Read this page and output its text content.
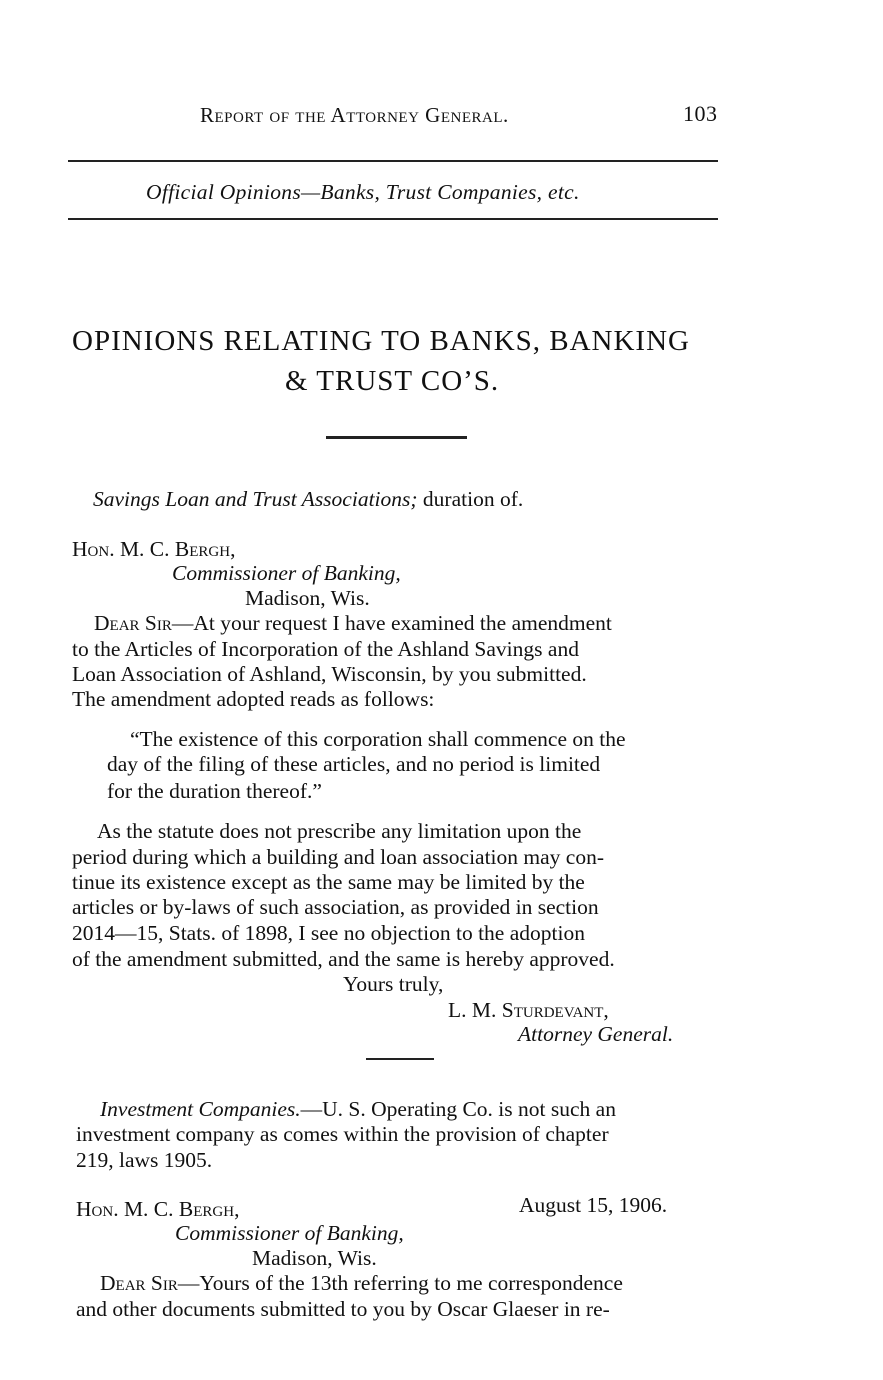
Report of the Attorney General.	103
Official Opinions—Banks, Trust Companies, etc.
OPINIONS RELATING TO BANKS, BANKING
& TRUST CO’S.
Savings Loan and Trust Associations; duration of.
Hon. M. C. Bergh,
Commissioner of Banking,
Madison, Wis.
Dear Sir—At your request I have examined the amendment
to the Articles of Incorporation of the Ashland Savings and
Loan Association of Ashland, Wisconsin, by you submitted.
The amendment adopted reads as follows:
“The existence of this corporation shall commence on the
day of the filing of these articles, and no period is limited
for the duration thereof.”
As the statute does not prescribe any limitation upon the
period during which a building and loan association may con-
tinue its existence except as the same may be limited by the
articles or by-laws of such association, as provided in section
2014—15, Stats. of 1898, I see no objection to the adoption
of the amendment submitted, and the same is hereby approved.
Yours truly,
L. M. Sturdevant,
Attorney General.
Investment Companies.—U. S. Operating Co. is not such an
investment company as comes within the provision of chapter
219, laws 1905.
Hon. M. C. Bergh,	August 15, 1906.
Commissioner of Banking,
Madison, Wis.
Dear Sir—Yours of the 13th referring to me correspondence
and other documents submitted to you by Oscar Glaeser in re-
